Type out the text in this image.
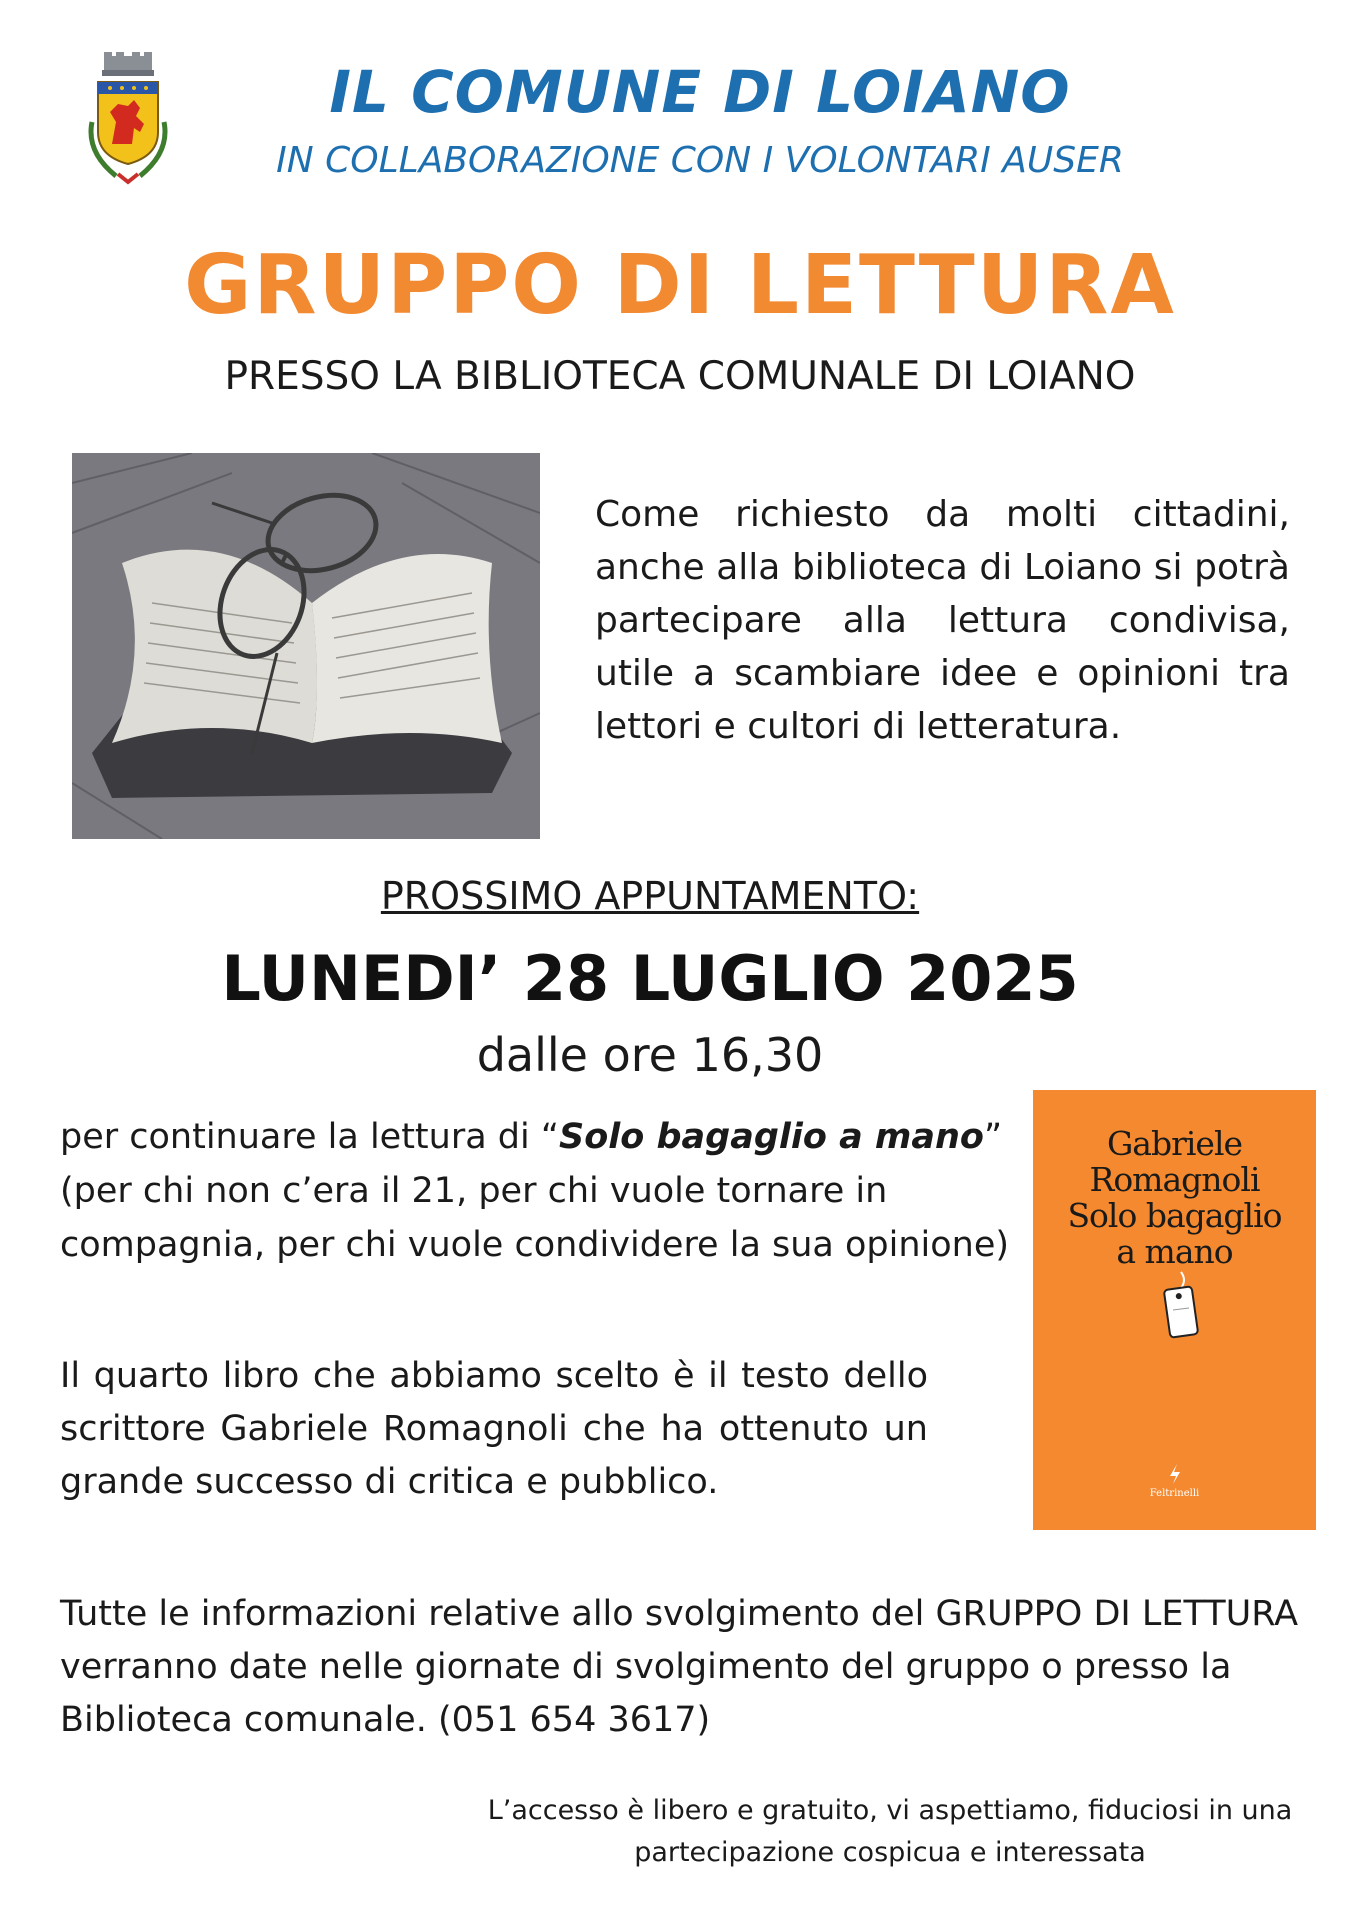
IL COMUNE DI LOIANO
IN COLLABORAZIONE CON I VOLONTARI AUSER
GRUPPO DI LETTURA
PRESSO LA BIBLIOTECA COMUNALE DI LOIANO
Come richiesto da molti cittadini, anche alla biblioteca di Loiano si potrà partecipare alla lettura condivisa, utile a scambiare idee e opinioni tra lettori e cultori di letteratura.
PROSSIMO APPUNTAMENTO:
LUNEDI’ 28 LUGLIO 2025
dalle ore 16,30
per continuare la lettura di “Solo bagaglio a mano” (per chi non c’era il 21, per chi vuole tornare in compagnia, per chi vuole condividere la sua opinione)
Gabriele
Romagnoli
Solo bagaglio
a mano
Feltrinelli
Il quarto libro che abbiamo scelto è il testo dello scrittore Gabriele Romagnoli che ha ottenuto un grande successo di critica e pubblico.
Tutte le informazioni relative allo svolgimento del GRUPPO DI LETTURA verranno date nelle giornate di svolgimento del gruppo o presso la Biblioteca comunale. (051 654 3617)
L’accesso è libero e gratuito, vi aspettiamo, fiduciosi in una
partecipazione cospicua e interessata
